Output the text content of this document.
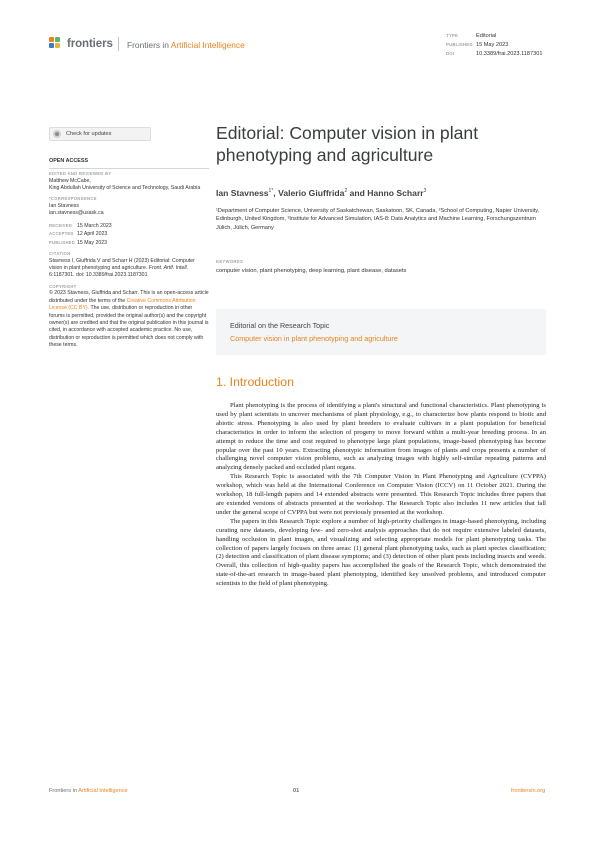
frontiers Frontiers in Artificial Intelligence
TYPE	Editorial
PUBLISHED 15 May 2023
DOI	10.3389/frai.2023.1187301
Check for updates
OPEN ACCESS
EDITED AND REVIEWED BY
Matthew McCabe,
King Abdullah University of Science and Technology, Saudi Arabia
*CORRESPONDENCE
Ian Stavness
ian.stavness@usask.ca
RECEIVED 15 March 2023
ACCEPTED 12 April 2023
PUBLISHED 15 May 2023
CITATION
Stavness I, Giuffrida V and Scharr H (2023) Editorial: Computer vision in plant phenotyping and agriculture. Front. Artif. Intell. 6:1187301. doi: 10.3389/frai.2023.1187301
COPYRIGHT
© 2023 Stavness, Giuffrida and Scharr. This is an open-access article distributed under the terms of the Creative Commons Attribution License (CC BY). The use, distribution or reproduction in other forums is permitted, provided the original author(s) and the copyright owner(s) are credited and that the original publication in this journal is cited, in accordance with accepted academic practice. No use, distribution or reproduction is permitted which does not comply with these terms.
Editorial: Computer vision in plant phenotyping and agriculture
Ian Stavness$^{1*}$, Valerio Giuffrida$^2$ and Hanno Scharr$^3$
¹Department of Computer Science, University of Saskatchewan, Saskatoon, SK, Canada, ²School of Computing, Napier University, Edinburgh, United Kingdom, ³Institute for Advanced Simulation, IAS-8: Data Analytics and Machine Learning, Forschungszentrum Jülich, Jülich, Germany
KEYWORDS
computer vision, plant phenotyping, deep learning, plant disease, datasets
Editorial on the Research Topic
Computer vision in plant phenotyping and agriculture
1. Introduction

Plant phenotyping is the process of identifying a plant's structural and functional characteristics. Plant phenotyping is used by plant scientists to uncover mechanisms of plant physiology, e.g., to characterize how plants respond to biotic and abiotic stress. Phenotyping is also used by plant breeders to evaluate cultivars in a plant population for beneficial characteristics in order to inform the selection of progeny to move forward within a multi-year breeding process. In an attempt to reduce the time and cost required to phenotype large plant populations, image-based phenotyping has become popular over the past 10 years. Extracting phenotypic information from images of plants and crops presents a number of challenging novel computer vision problems, such as analyzing images with highly self-similar repeating patterns and analyzing densely packed and occluded plant organs.

This Research Topic is associated with the 7th Computer Vision in Plant Phenotyping and Agriculture (CVPPA) workshop, which was held at the International Conference on Computer Vision (ICCV) on 11 October 2021. During the workshop, 18 full-length papers and 14 extended abstracts were presented. This Research Topic includes three papers that are extended versions of abstracts presented at the workshop. The Research Topic also includes 11 new articles that fall under the general scope of CVPPA but were not previously presented at the workshop.

The papers in this Research Topic explore a number of high-priority challenges in image-based phenotyping, including curating new datasets, developing few- and zero-shot analysis approaches that do not require extensive labeled datasets, handling occlusion in plant images, and visualizing and selecting appropriate models for plant phenotyping tasks. The collection of papers largely focuses on three areas: (1) general plant phenotyping tasks, such as plant species classification; (2) detection and classification of plant disease symptoms; and (3) detection of other plant pests including insects and weeds. Overall, this collection of high-quality papers has accomplished the goals of the Research Topic, which demonstrated the state-of-the-art research in image-based plant phenotyping, identified key unsolved problems, and introduced computer scientists to the field of plant phenotyping.

Frontiers in Artificial Intelligence	01	frontiersin.org
